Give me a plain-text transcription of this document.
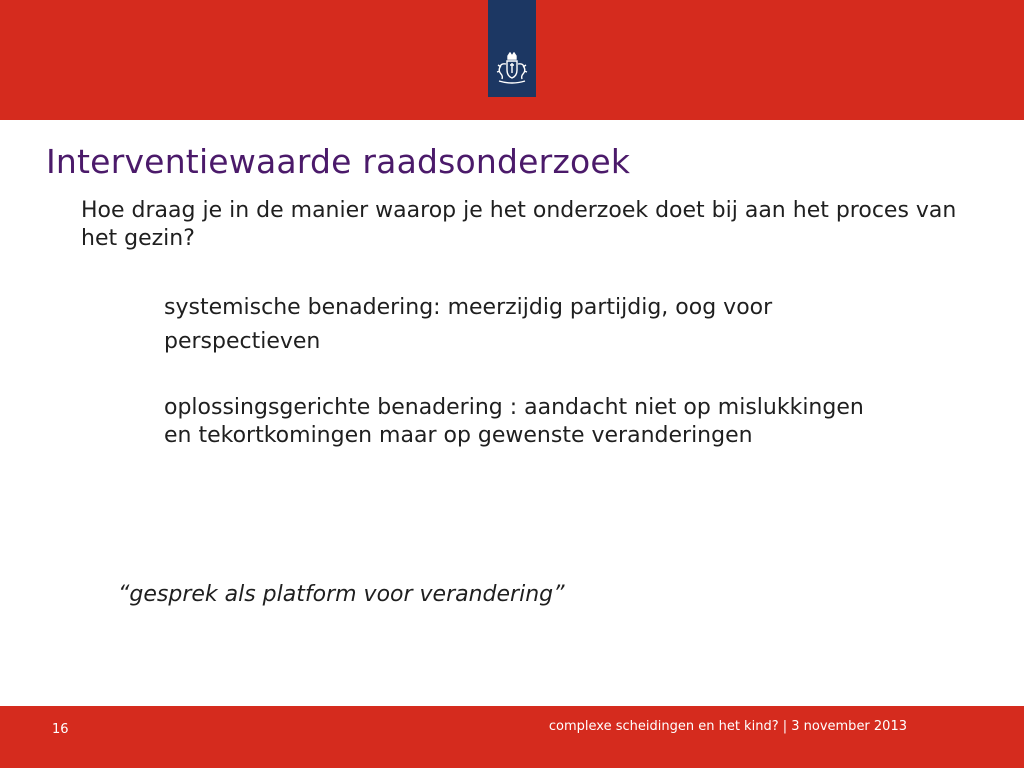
Interventiewaarde raadsonderzoek
Hoe draag je in de manier waarop je het onderzoek doet bij aan het proces van het gezin?
systemische benadering: meerzijdig partijdig, oog voor perspectieven
oplossingsgerichte benadering : aandacht niet op mislukkingen en tekortkomingen maar op gewenste veranderingen
“gesprek als platform voor verandering”
16	complexe scheidingen en het kind? | 3 november 2013
